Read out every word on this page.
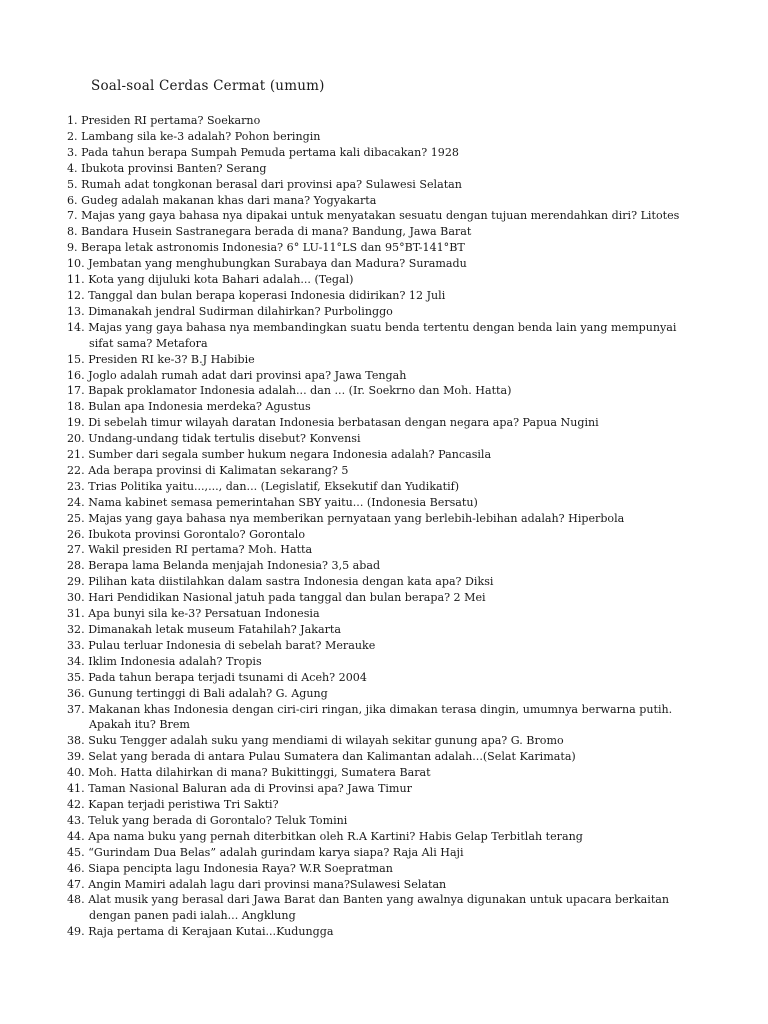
Soal-soal Cerdas Cermat (umum)
1. Presiden RI pertama? Soekarno
2. Lambang sila ke-3 adalah? Pohon beringin
3. Pada tahun berapa Sumpah Pemuda pertama kali dibacakan? 1928
4. Ibukota provinsi Banten? Serang
5. Rumah adat tongkonan berasal dari provinsi apa? Sulawesi Selatan
6. Gudeg adalah makanan khas dari mana? Yogyakarta
7. Majas yang gaya bahasa nya dipakai untuk menyatakan sesuatu dengan tujuan merendahkan diri? Litotes
8. Bandara Husein Sastranegara berada di mana? Bandung, Jawa Barat
9. Berapa letak astronomis Indonesia? 6° LU-11°LS dan 95°BT-141°BT
10. Jembatan yang menghubungkan Surabaya dan Madura? Suramadu
11. Kota yang dijuluki kota Bahari adalah... (Tegal)
12. Tanggal dan bulan berapa koperasi Indonesia didirikan? 12 Juli
13. Dimanakah jendral Sudirman dilahirkan? Purbolinggo
14. Majas yang gaya bahasa nya membandingkan suatu benda tertentu dengan benda lain yang mempunyai
sifat sama? Metafora
15. Presiden RI ke-3? B.J Habibie
16. Joglo adalah rumah adat dari provinsi apa? Jawa Tengah
17. Bapak proklamator Indonesia adalah... dan ... (Ir. Soekrno dan Moh. Hatta)
18. Bulan apa Indonesia merdeka? Agustus
19. Di sebelah timur wilayah daratan Indonesia berbatasan dengan negara apa? Papua Nugini
20. Undang-undang tidak tertulis disebut? Konvensi
21. Sumber dari segala sumber hukum negara Indonesia adalah? Pancasila
22. Ada berapa provinsi di Kalimatan sekarang? 5
23. Trias Politika yaitu...,..., dan... (Legislatif, Eksekutif dan Yudikatif)
24. Nama kabinet semasa pemerintahan SBY yaitu... (Indonesia Bersatu)
25. Majas yang gaya bahasa nya memberikan pernyataan yang berlebih-lebihan adalah? Hiperbola
26. Ibukota provinsi Gorontalo? Gorontalo
27. Wakil presiden RI pertama? Moh. Hatta
28. Berapa lama Belanda menjajah Indonesia? 3,5 abad
29. Pilihan kata diistilahkan dalam sastra Indonesia dengan kata apa? Diksi
30. Hari Pendidikan Nasional jatuh pada tanggal dan bulan berapa? 2 Mei
31. Apa bunyi sila ke-3? Persatuan Indonesia
32. Dimanakah letak museum Fatahilah? Jakarta
33. Pulau terluar Indonesia di sebelah barat? Merauke
34. Iklim Indonesia adalah? Tropis
35. Pada tahun berapa terjadi tsunami di Aceh? 2004
36. Gunung tertinggi di Bali adalah? G. Agung
37. Makanan khas Indonesia dengan ciri-ciri ringan, jika dimakan terasa dingin, umumnya berwarna putih.
Apakah itu? Brem
38. Suku Tengger adalah suku yang mendiami di wilayah sekitar gunung apa? G. Bromo
39. Selat yang berada di antara Pulau Sumatera dan Kalimantan adalah...(Selat Karimata)
40. Moh. Hatta dilahirkan di mana? Bukittinggi, Sumatera Barat
41. Taman Nasional Baluran ada di Provinsi apa? Jawa Timur
42. Kapan terjadi peristiwa Tri Sakti?
43. Teluk yang berada di Gorontalo? Teluk Tomini
44. Apa nama buku yang pernah diterbitkan oleh R.A Kartini? Habis Gelap Terbitlah terang
45. “Gurindam Dua Belas” adalah gurindam karya siapa? Raja Ali Haji
46. Siapa pencipta lagu Indonesia Raya? W.R Soepratman
47. Angin Mamiri adalah lagu dari provinsi mana?Sulawesi Selatan
48. Alat musik yang berasal dari Jawa Barat dan Banten yang awalnya digunakan untuk upacara berkaitan
dengan panen padi ialah... Angklung
49. Raja pertama di Kerajaan Kutai...Kudungga
